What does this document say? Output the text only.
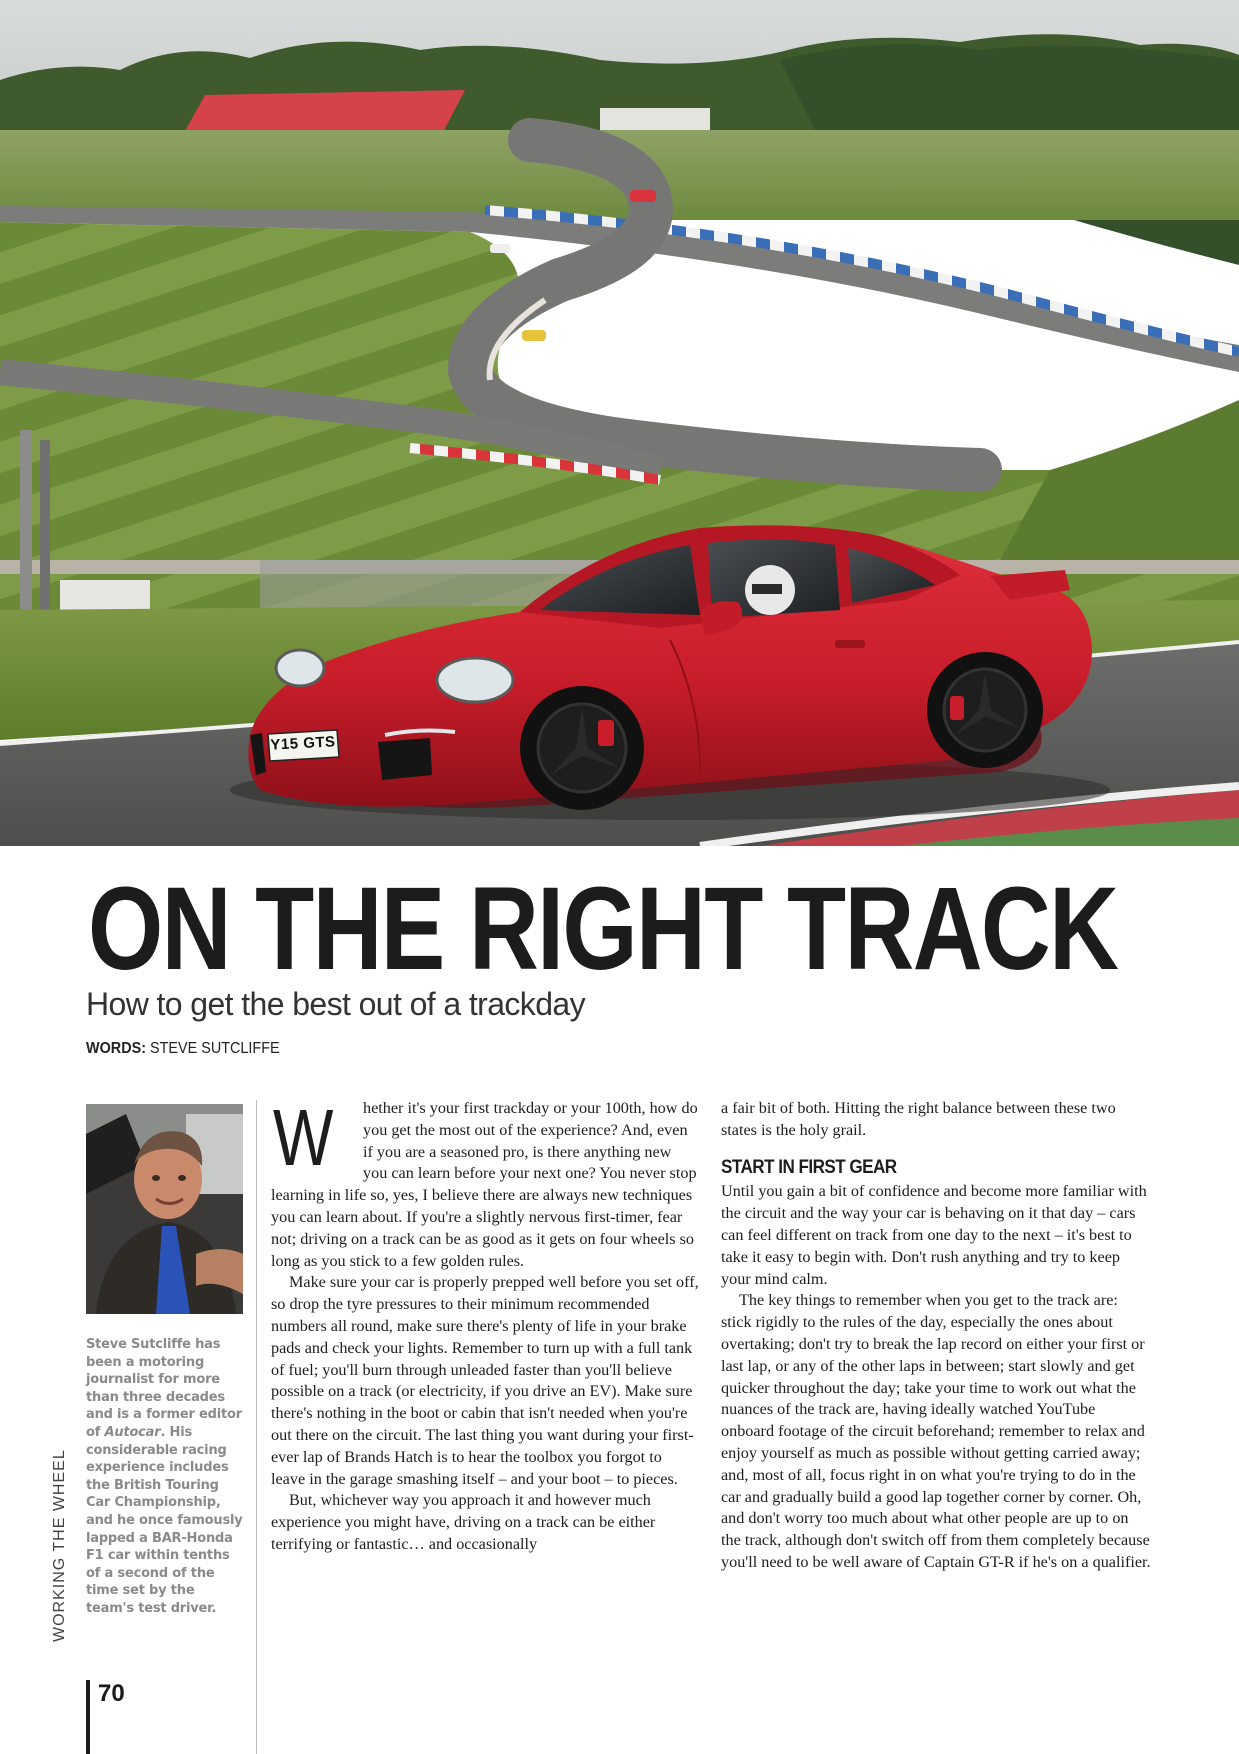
Y15 GTS
ON THE RIGHT TRACK
How to get the best out of a trackday
WORDS: STEVE SUTCLIFFE

Steve Sutcliffe has been a motoring journalist for more than three decades and is a former editor of Autocar. His considerable racing experience includes the British Touring Car Championship, and he once famously lapped a BAR-Honda F1 car within tenths of a second of the time set by the team's test driver.

WORKING THE WHEEL
70

W hether it's your first trackday or your 100th, how do you get the most out of the experience? And, even if you are a seasoned pro, is there anything new you can learn before your next one? You never stop learning in life so, yes, I believe there are always new techniques you can learn about. If you're a slightly nervous first-timer, fear not; driving on a track can be as good as it gets on four wheels so long as you stick to a few golden rules.

Make sure your car is properly prepped well before you set off, so drop the tyre pressures to their minimum recommended numbers all round, make sure there's plenty of life in your brake pads and check your lights. Remember to turn up with a full tank of fuel; you'll burn through unleaded faster than you'll believe possible on a track (or electricity, if you drive an EV). Make sure there's nothing in the boot or cabin that isn't needed when you're out there on the circuit. The last thing you want during your first-ever lap of Brands Hatch is to hear the toolbox you forgot to leave in the garage smashing itself – and your boot – to pieces.

But, whichever way you approach it and however much experience you might have, driving on a track can be either terrifying or fantastic… and occasionally

a fair bit of both. Hitting the right balance between these two states is the holy grail.

START IN FIRST GEAR

Until you gain a bit of confidence and become more familiar with the circuit and the way your car is behaving on it that day – cars can feel different on track from one day to the next – it's best to take it easy to begin with. Don't rush anything and try to keep your mind calm.

The key things to remember when you get to the track are: stick rigidly to the rules of the day, especially the ones about overtaking; don't try to break the lap record on either your first or last lap, or any of the other laps in between; start slowly and get quicker throughout the day; take your time to work out what the nuances of the track are, having ideally watched YouTube onboard footage of the circuit beforehand; remember to relax and enjoy yourself as much as possible without getting carried away; and, most of all, focus right in on what you're trying to do in the car and gradually build a good lap together corner by corner. Oh, and don't worry too much about what other people are up to on the track, although don't switch off from them completely because you'll need to be well aware of Captain GT-R if he's on a qualifier.
